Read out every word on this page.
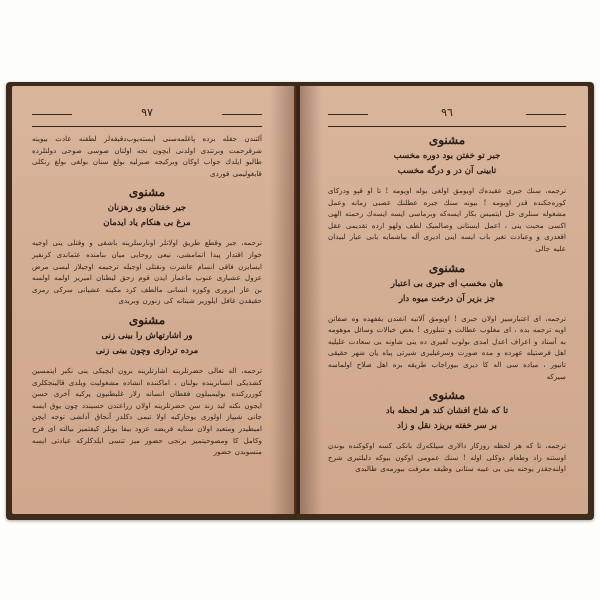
٩٧

آلتندن جقله برده پاغلمه‌سنی ایسته‌یوب‌دقیقه‌لر لطفنه عادت بیوینه شرقرحمت وبرتندی اولدنی ایچون نجه اولتان صوسی صوحی دولتلرده طالبو ایلدك جواب اوکان وبرکیجه صبرلیه بولغ سنان بولغی بولغ رنکلی قایغولیمی قوردی

مشنوی

جیر خفتان وی رهزنان

مرغ بی هنکام یاد ایدمان

ترجمه، جیر وقطع طریق اولانلر اونارسلرینه باشقی و وقتلی ینی اوجیه خواز اقتدار پیدا اتمامشی، نیعی روحایی میان بنامنده عثماندی کرنفیر ایسایرن فاقی انسام عاشرت ونقتلی اوجیله ترجیمه اوجیلاز لیسی مرض عزول عشیاری عنوب ماعمار ایدن قوم زحق لیطنان امیریز اولمه اولسه بن عار ایروری وکوزه انسانی مالطف کرد مکینه عشیانی سرکی رمزی حقیقدن غافل ایلوریر شیتانه کی زنورن وبریدی

مشنوی

ور اشارتهاش را بینی زنی

مرده ترداری وچون بینی زنی

ترجمه، اله تعالی حضرتلرینه اشارتلرینه برون ایچیکی ینی نکبر ایتمسین کشدیکی انسانرینده بولنان ، اماکننده انشاده مشغولیت ویلدی قالینجکلری کورررکنده بولیمبیلون فقطان انسانه زلار غلیطنیون پرکیه آخری حسن ایجون نکته لیذ زند سن حضرتلرینه اولان زراعتدن حسیندد چون یوق ایسه جانی شیپاز اولوری یوحارکیه اولا تیمی دکلدر آنجاق آدلشی توجه ایچن امیطیدر ومتعبد اولان ستایه فریضه عزود بیفا بونلر کیفتمیر بیالته ای فرح وکامل کا ومصوحیتمیز برنجی حضور میز تنسی ایلدکلرکه عبادتی ایسه منسوبدن حضور

٩٦
مشنوی

جبر تو خفتن بود دوره مخسب

تابینی آن در و درگه مخسب

ترجمه، سنك جبری عقیده‌ك اویومق اولغی بوله اویومه ! تا او قپو ودرکای کوره‌جکنده قدر اویومه ! بیونه سنك جبره عطلنك عصبی زمانه وعمل مشغوله سنلری حل ایتمیس بکار ایسه‌که وبرماسی ایسه ایسه‌ك رحمته الهی اکسی محبت ینی ، اعمل ایستانی وصالمیک لطف ولهو ارده تقدیمی عقل اقعدری و وعبادت تغیر باب ایسه اینی ادیری آله بیاشمایه بابی عیار لبیدان علیه جالی

مشنوی

هان مخسب ای جبری بی اعتبار

جز بزیر آن درخت میوه دار

ترجمه، ای اعتبارسیز اولان جبری ! اویومق آلاتیه انفندن بقفهده وه صفاتن اویه ترجمه بده ، ای مغلوب عطالت و تنبلوری ! بعض خیالات وسائل موهومه به آسناد و اعراف اعدل امدی بولوب لفیری ده ینی شاونه بی سعادت علیلیه اهل فرصتیله عهرده و مده صورت وسرغیلیری شیرتی پیاه یان شهر حقیقی تانیور ، میاده سی اله کا دیری بیوراجاب طریقه بزه اهل صلاح اولماسه سیرکه

مشنوی

تا که شاخ افشان کند هر لحظه باد

بر سر خفته بریزد نقل و زاد

ترجمه، تا که هر لحظه روزکار دالاری سیلکه‌رك بانکی کسه اوکوكنده بوندن اوستنه زاد وطعام دوکلی اوله ! سنك عمومی اوکون بیوکه دلیلتیری شرح اولنه‌جقدر یوخنه ینی بی عیبه ستانی وظیفه معرفت بیورمه‌ی طالبدی
